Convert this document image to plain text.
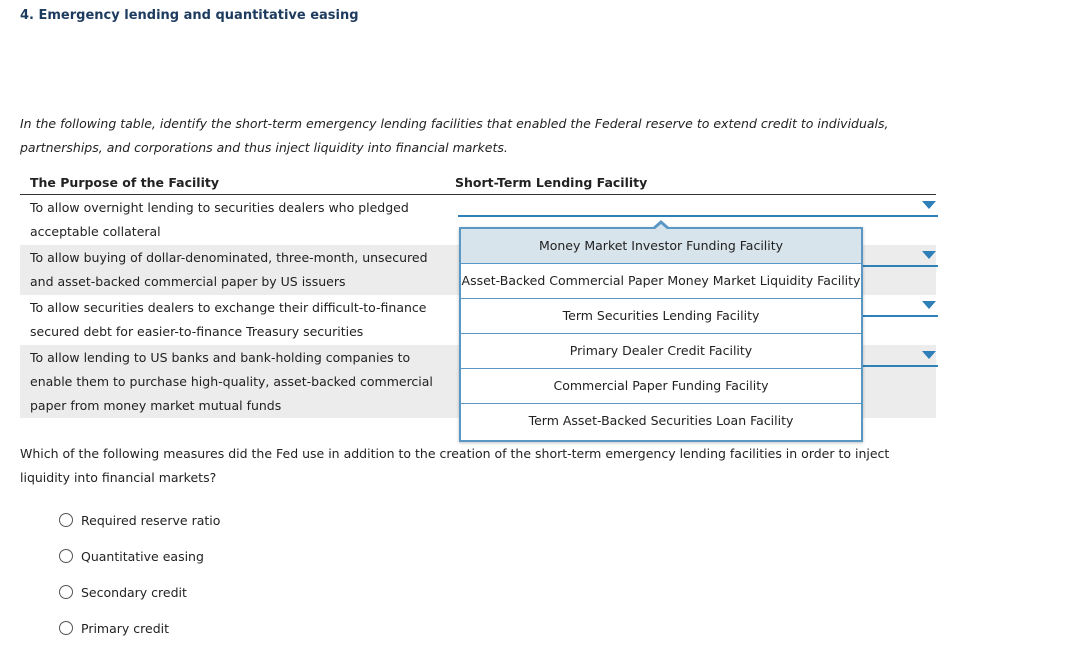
4. Emergency lending and quantitative easing
In the following table, identify the short-term emergency lending facilities that enabled the Federal reserve to extend credit to individuals, partnerships, and corporations and thus inject liquidity into financial markets.
The Purpose of the Facility	Short-Term Lending Facility
To allow overnight lending to securities dealers who pledged acceptable collateral
To allow buying of dollar-denominated, three-month, unsecured and asset-backed commercial paper by US issuers
To allow securities dealers to exchange their difficult-to-finance secured debt for easier-to-finance Treasury securities
To allow lending to US banks and bank-holding companies to enable them to purchase high-quality, asset-backed commercial paper from money market mutual funds
Money Market Investor Funding Facility
Asset-Backed Commercial Paper Money Market Liquidity Facility
Term Securities Lending Facility
Primary Dealer Credit Facility
Commercial Paper Funding Facility
Term Asset-Backed Securities Loan Facility
Which of the following measures did the Fed use in addition to the creation of the short-term emergency lending facilities in order to inject liquidity into financial markets?
Required reserve ratio
Quantitative easing
Secondary credit
Primary credit
